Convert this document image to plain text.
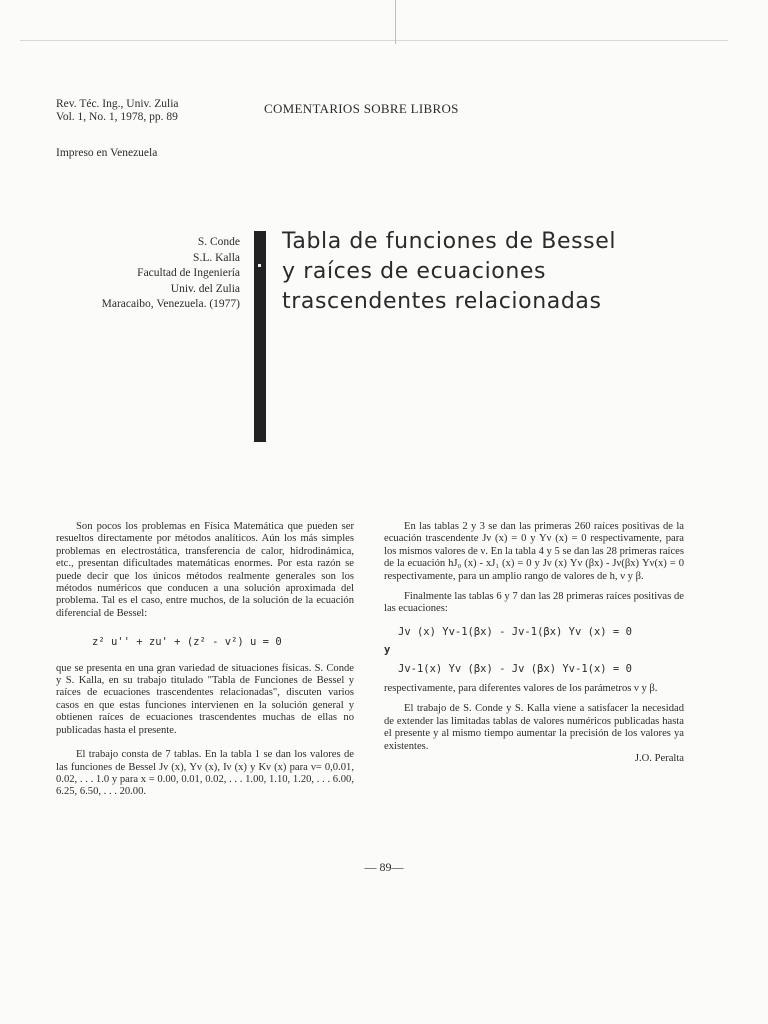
Rev. Téc. Ing., Univ. Zulia
Vol. 1, No. 1, 1978, pp. 89
COMENTARIOS SOBRE LIBROS
Impreso en Venezuela
S. Conde
S.L. Kalla
Facultad de Ingeniería
Univ. del Zulia
Maracaibo, Venezuela. (1977)
Tabla de funciones de Bessel
y raíces de ecuaciones
trascendentes relacionadas

Son pocos los problemas en Física Matemática que pueden ser resueltos directamente por métodos analíticos. Aún los más simples problemas en electrostática, transferencia de calor, hidrodinámica, etc., presentan dificultades matemáticas enormes. Por esta razón se puede decir que los únicos métodos realmente generales son los métodos numéricos que conducen a una solución aproximada del problema. Tal es el caso, entre muchos, de la solución de la ecuación diferencial de Bessel:

z² u'' + zu' + (z² - v²) u = 0

que se presenta en una gran variedad de situaciones físicas. S. Conde y S. Kalla, en su trabajo titulado "Tabla de Funciones de Bessel y raíces de ecuaciones trascendentes relacionadas", discuten varios casos en que estas funciones intervienen en la solución general y obtienen raíces de ecuaciones trascendentes muchas de ellas no publicadas hasta el presente.

El trabajo consta de 7 tablas. En la tabla 1 se dan los valores de las funciones de Bessel Jν (x), Yν (x), Iν (x) y Kν (x) para ν= 0,0.01, 0.02, . . . 1.0 y para x = 0.00, 0.01, 0.02, . . . 1.00, 1.10, 1.20, . . . 6.00, 6.25, 6.50, . . . 20.00.

En las tablas 2 y 3 se dan las primeras 260 raíces positivas de la ecuación trascendente Jν (x) = 0 y Yν (x) = 0 respectivamente, para los mismos valores de ν. En la tabla 4 y 5 se dan las 28 primeras raíces de la ecuación hJ₀ (x) - xJ₁ (x) = 0 y Jν (x) Yν (βx) - Jν(βx) Yν(x) = 0 respectivamente, para un amplio rango de valores de h, ν y β.

Finalmente las tablas 6 y 7 dan las 28 primeras raíces positivas de las ecuaciones:

Jv (x) Yv-1(βx) - Jv-1(βx) Yv (x) = 0
y
Jv-1(x) Yv (βx) - Jv (βx) Yv-1(x) = 0

respectivamente, para diferentes valores de los parámetros ν y β.

El trabajo de S. Conde y S. Kalla viene a satisfacer la necesidad de extender las limitadas tablas de valores numéricos publicadas hasta el presente y al mismo tiempo aumentar la precisión de los valores ya existentes.

J.O. Peralta

— 89—
